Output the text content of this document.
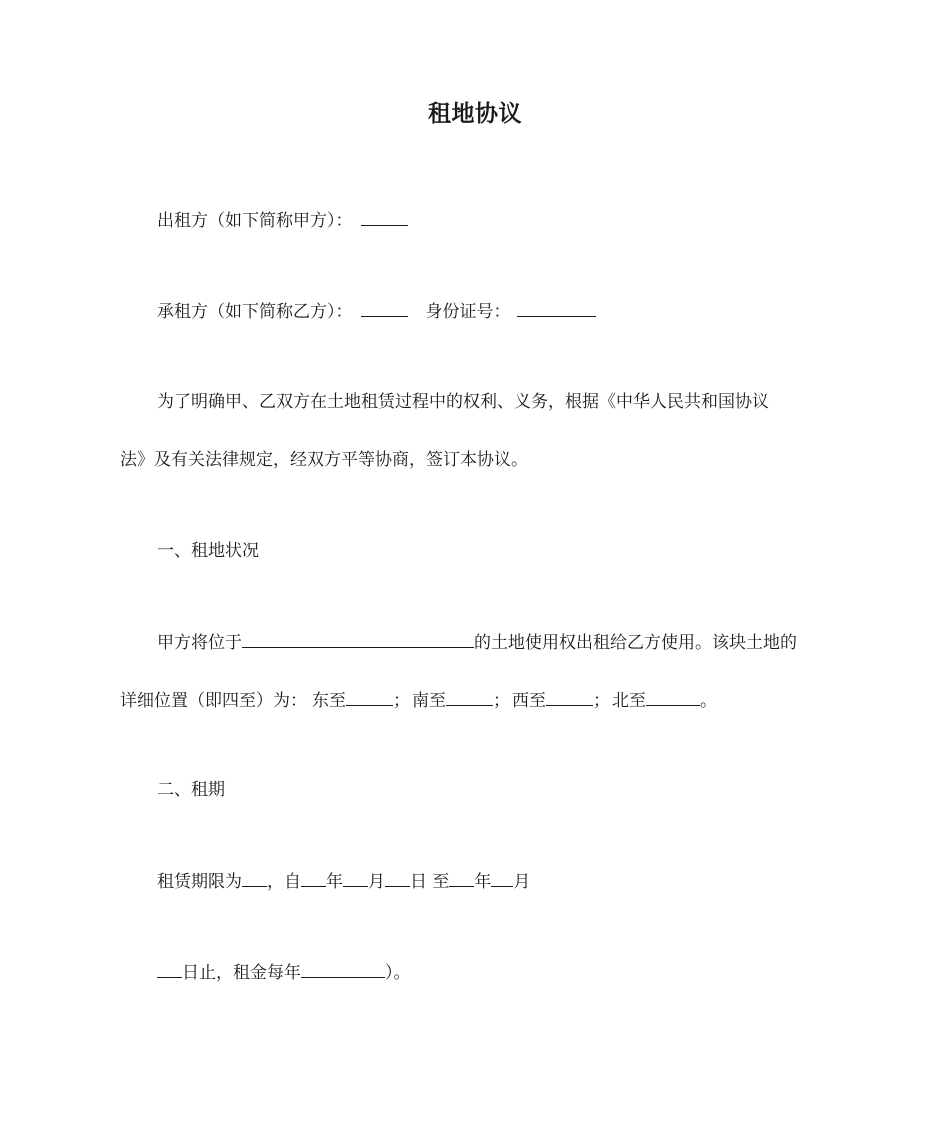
租地协议
出租方（如下简称甲方）：
承租方（如下简称乙方）：	身份证号：
为了明确甲、乙双方在土地租赁过程中的权利、义务，根据《中华人民共和国协议
法》及有关法律规定，经双方平等协商，签订本协议。
一、租地状况
甲方将位于	的土地使用权出租给乙方使用。该块土地的
详细位置（即四至）为： 东至	； 南至	； 西至	； 北至	。
二、租期
租赁期限为 ，自 年 月 日 至 年 月
日止，租金每年	）。
